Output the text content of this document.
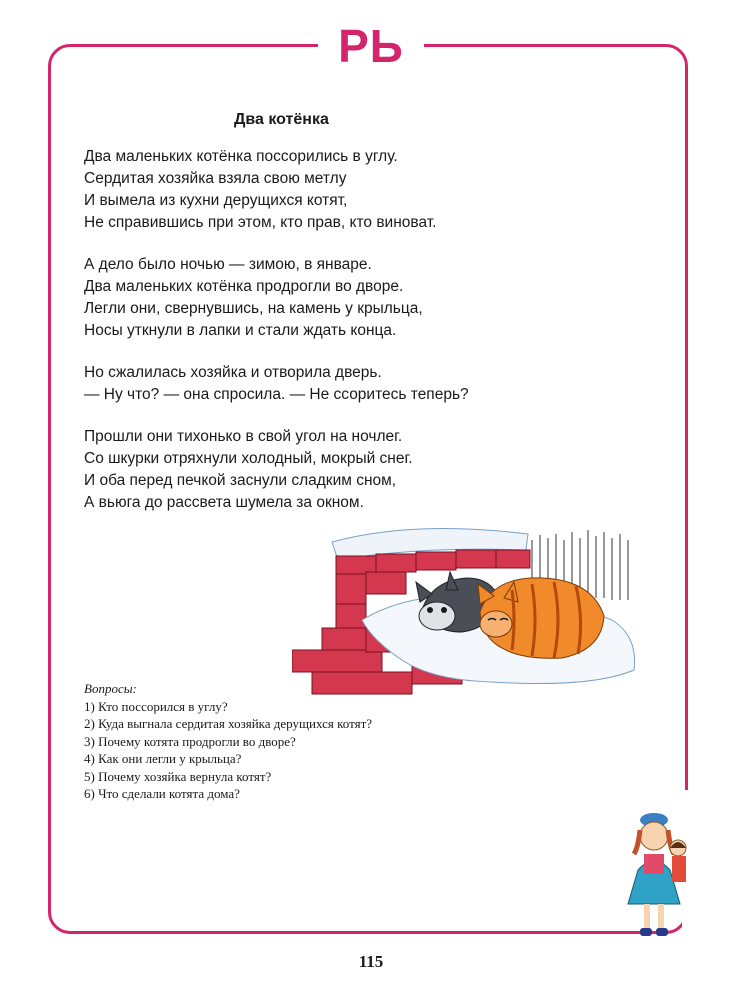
РЬ
Два котёнка
Два маленьких котёнка поссорились в углу.
Сердитая хозяйка взяла свою метлу
И вымела из кухни дерущихся котят,
Не справившись при этом, кто прав, кто виноват.
А дело было ночью — зимою, в январе.
Два маленьких котёнка продрогли во дворе.
Легли они, свернувшись, на камень у крыльца,
Носы уткнули в лапки и стали ждать конца.
Но сжалилась хозяйка и отворила дверь.
— Ну что? — она спросила. — Не ссоритесь теперь?
Прошли они тихонько в свой угол на ночлег.
Со шкурки отряхнули холодный, мокрый снег.
И оба перед печкой заснули сладким сном,
А вьюга до рассвета шумела за окном.
Вопросы:
1) Кто поссорился в углу?
2) Куда выгнала сердитая хозяйка дерущихся котят?
3) Почему котята продрогли во дворе?
4) Как они легли у крыльца?
5) Почему хозяйка вернула котят?
6) Что сделали котята дома?
115
